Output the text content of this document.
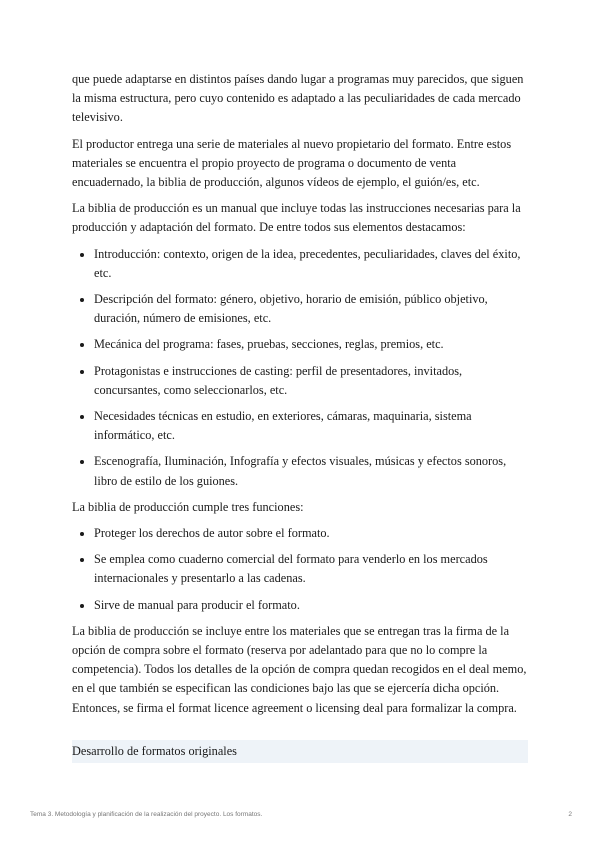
que puede adaptarse en distintos países dando lugar a programas muy parecidos, que siguen la misma estructura, pero cuyo contenido es adaptado a las peculiaridades de cada mercado televisivo.

El productor entrega una serie de materiales al nuevo propietario del formato. Entre estos materiales se encuentra el propio proyecto de programa o documento de venta encuadernado, la biblia de producción, algunos vídeos de ejemplo, el guión/es, etc.

La biblia de producción es un manual que incluye todas las instrucciones necesarias para la producción y adaptación del formato. De entre todos sus elementos destacamos:

Introducción: contexto, origen de la idea, precedentes, peculiaridades, claves del éxito, etc.
Descripción del formato: género, objetivo, horario de emisión, público objetivo, duración, número de emisiones, etc.
Mecánica del programa: fases, pruebas, secciones, reglas, premios, etc.
Protagonistas e instrucciones de casting: perfil de presentadores, invitados, concursantes, como seleccionarlos, etc.
Necesidades técnicas en estudio, en exteriores, cámaras, maquinaria, sistema informático, etc.
Escenografía, Iluminación, Infografía y efectos visuales, músicas y efectos sonoros, libro de estilo de los guiones.

La biblia de producción cumple tres funciones:

Proteger los derechos de autor sobre el formato.
Se emplea como cuaderno comercial del formato para venderlo en los mercados internacionales y presentarlo a las cadenas.
Sirve de manual para producir el formato.

La biblia de producción se incluye entre los materiales que se entregan tras la firma de la opción de compra sobre el formato (reserva por adelantado para que no lo compre la competencia). Todos los detalles de la opción de compra quedan recogidos en el deal memo, en el que también se especifican las condiciones bajo las que se ejercería dicha opción. Entonces, se firma el format licence agreement o licensing deal para formalizar la compra.

Desarrollo de formatos originales
Tema 3. Metodología y planificación de la realización del proyecto. Los formatos.	2
